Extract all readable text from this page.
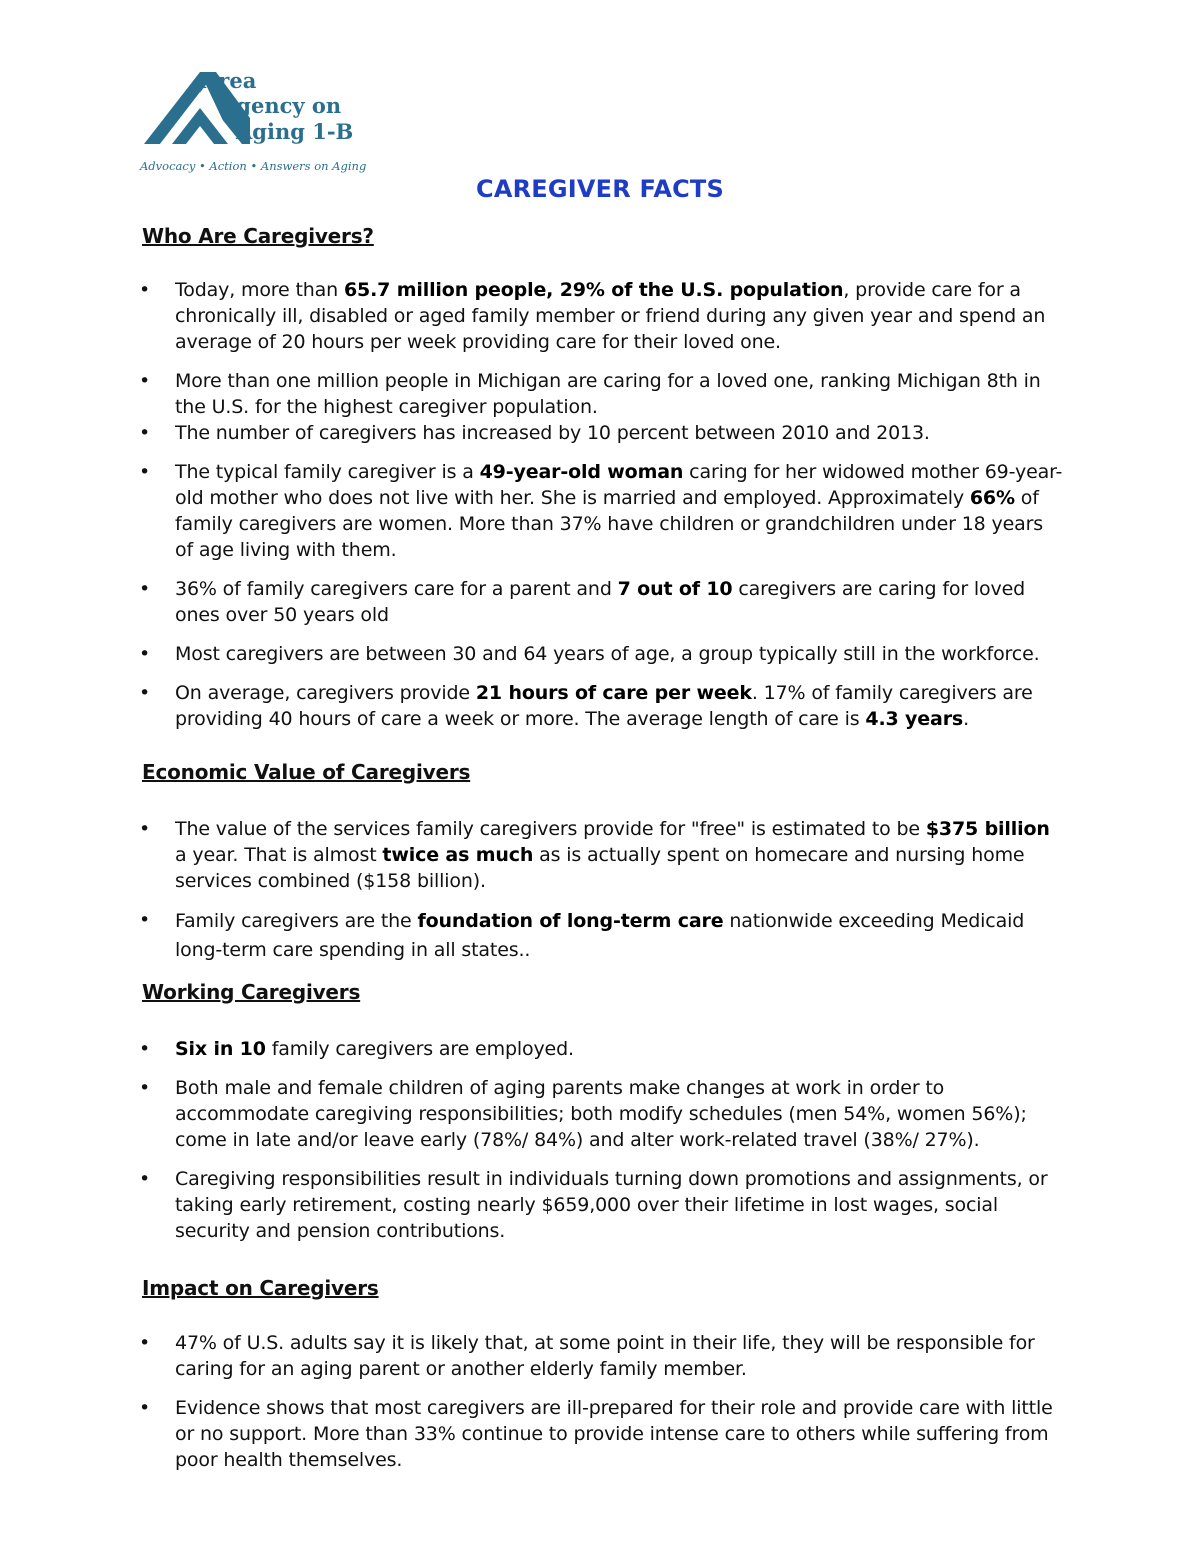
Area
Agency on
Aging 1-B
Advocacy • Action • Answers on Aging
CAREGIVER FACTS
Who Are Caregivers?
• Today, more than 65.7 million people, 29% of the U.S. population, provide care for a chronically ill, disabled or aged family member or friend during any given year and spend an average of 20 hours per week providing care for their loved one.
• More than one million people in Michigan are caring for a loved one, ranking Michigan 8th in the U.S. for the highest caregiver population.
• The number of caregivers has increased by 10 percent between 2010 and 2013.
• The typical family caregiver is a 49-year-old woman caring for her widowed mother 69-year-old mother who does not live with her. She is married and employed. Approximately 66% of family caregivers are women. More than 37% have children or grandchildren under 18 years of age living with them.
• 36% of family caregivers care for a parent and 7 out of 10 caregivers are caring for loved ones over 50 years old
• Most caregivers are between 30 and 64 years of age, a group typically still in the workforce.
• On average, caregivers provide 21 hours of care per week. 17% of family caregivers are providing 40 hours of care a week or more. The average length of care is 4.3 years.
Economic Value of Caregivers
• The value of the services family caregivers provide for "free" is estimated to be $375 billion a year. That is almost twice as much as is actually spent on homecare and nursing home services combined ($158 billion).
• Family caregivers are the foundation of long-term care nationwide exceeding Medicaid long-term care spending in all states..
Working Caregivers
• Six in 10 family caregivers are employed.
• Both male and female children of aging parents make changes at work in order to accommodate caregiving responsibilities; both modify schedules (men 54%, women 56%); come in late and/or leave early (78%/ 84%) and alter work-related travel (38%/ 27%).
• Caregiving responsibilities result in individuals turning down promotions and assignments, or taking early retirement, costing nearly $659,000 over their lifetime in lost wages, social security and pension contributions.
Impact on Caregivers
• 47% of U.S. adults say it is likely that, at some point in their life, they will be responsible for caring for an aging parent or another elderly family member.
• Evidence shows that most caregivers are ill-prepared for their role and provide care with little or no support. More than 33% continue to provide intense care to others while suffering from poor health themselves.
